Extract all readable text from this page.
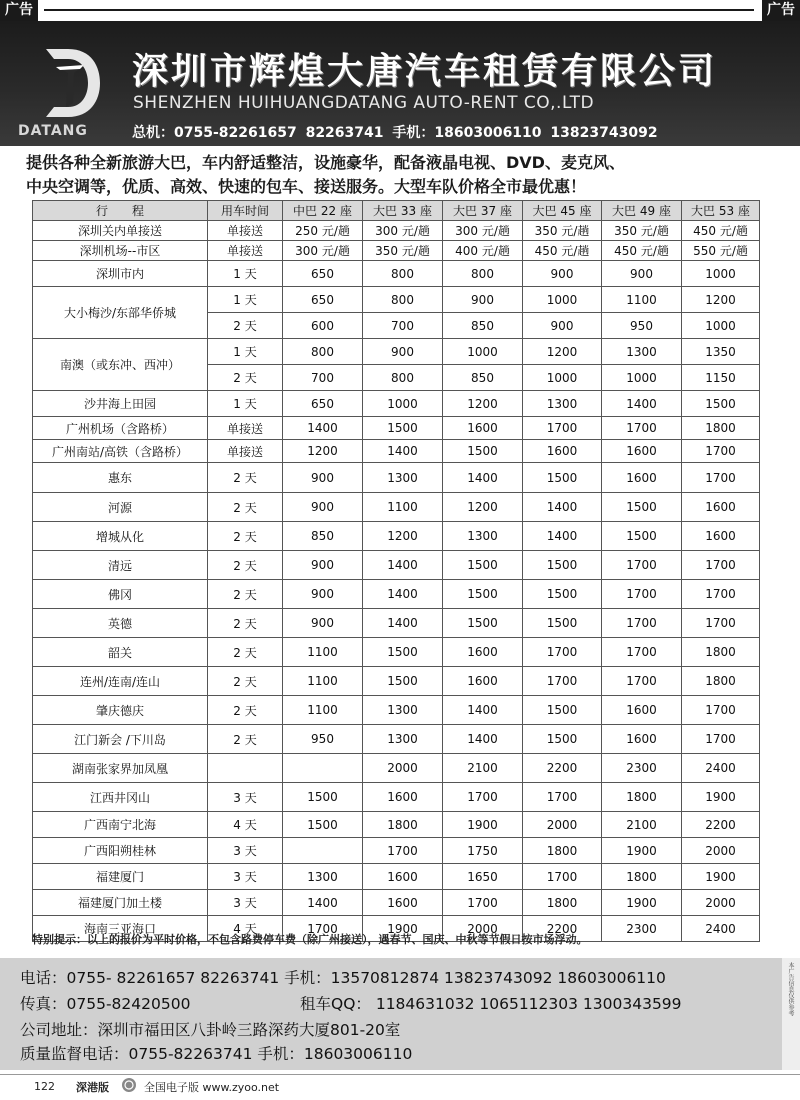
广告	广告
DATANG
深圳市辉煌大唐汽车租赁有限公司
SHENZHEN HUIHUANGDATANG AUTO-RENT CO,.LTD
总机：0755-82261657 82263741 手机：18603006110 13823743092
提供各种全新旅游大巴，车内舒适整洁，设施豪华，配备液晶电视、DVD、麦克风、
中央空调等，优质、高效、快速的包车、接送服务。大型车队价格全市最优惠！
行　　程	用车时间	中巴 22 座	大巴 33 座	大巴 37 座	大巴 45 座	大巴 49 座	大巴 53 座
深圳关内单接送	单接送	250 元/趟	300 元/趟	300 元/趟	350 元/趟	350 元/趟	450 元/趟
深圳机场--市区	单接送	300 元/趟	350 元/趟	400 元/趟	450 元/趟	450 元/趟	550 元/趟
深圳市内	1 天	650	800	800	900	900	1000
大小梅沙/东部华侨城	1 天	650	800	900	1000	1100	1200
	2 天	600	700	850	900	950	1000
南澳（或东冲、西冲）	1 天	800	900	1000	1200	1300	1350
	2 天	700	800	850	1000	1000	1150
沙井海上田园	1 天	650	1000	1200	1300	1400	1500
广州机场（含路桥）	单接送	1400	1500	1600	1700	1700	1800
广州南站/高铁（含路桥）	单接送	1200	1400	1500	1600	1600	1700
惠东	2 天	900	1300	1400	1500	1600	1700
河源	2 天	900	1100	1200	1400	1500	1600
增城从化	2 天	850	1200	1300	1400	1500	1600
清远	2 天	900	1400	1500	1500	1700	1700
佛冈	2 天	900	1400	1500	1500	1700	1700
英德	2 天	900	1400	1500	1500	1700	1700
韶关	2 天	1100	1500	1600	1700	1700	1800
连州/连南/连山	2 天	1100	1500	1600	1700	1700	1800
肇庆德庆	2 天	1100	1300	1400	1500	1600	1700
江门新会 /下川岛	2 天	950	1300	1400	1500	1600	1700
湖南张家界加凤凰			2000	2100	2200	2300	2400
江西井冈山	3 天	1500	1600	1700	1700	1800	1900
广西南宁北海	4 天	1500	1800	1900	2000	2100	2200
广西阳朔桂林	3 天		1700	1750	1800	1900	2000
福建厦门	3 天	1300	1600	1650	1700	1800	1900
福建厦门加土楼	3 天	1400	1600	1700	1800	1900	2000
海南三亚海口	4 天	1700	1900	2000	2200	2300	2400
特别提示：以上的报价为平时价格，不包含路费停车费（除广州接送），遇春节、国庆、中秋等节假日按市场浮动。
电话：0755- 82261657 82263741 手机：13570812874 13823743092 18603006110
传真：0755-82420500	租车QQ： 1184631032 1065112303 1300343599
公司地址：深圳市福田区八卦岭三路深药大厦801-20室
质量监督电话：0755-82263741 手机：18603006110
本广告信息仅供参考
122 深港版	全国电子版 www.zyoo.net
